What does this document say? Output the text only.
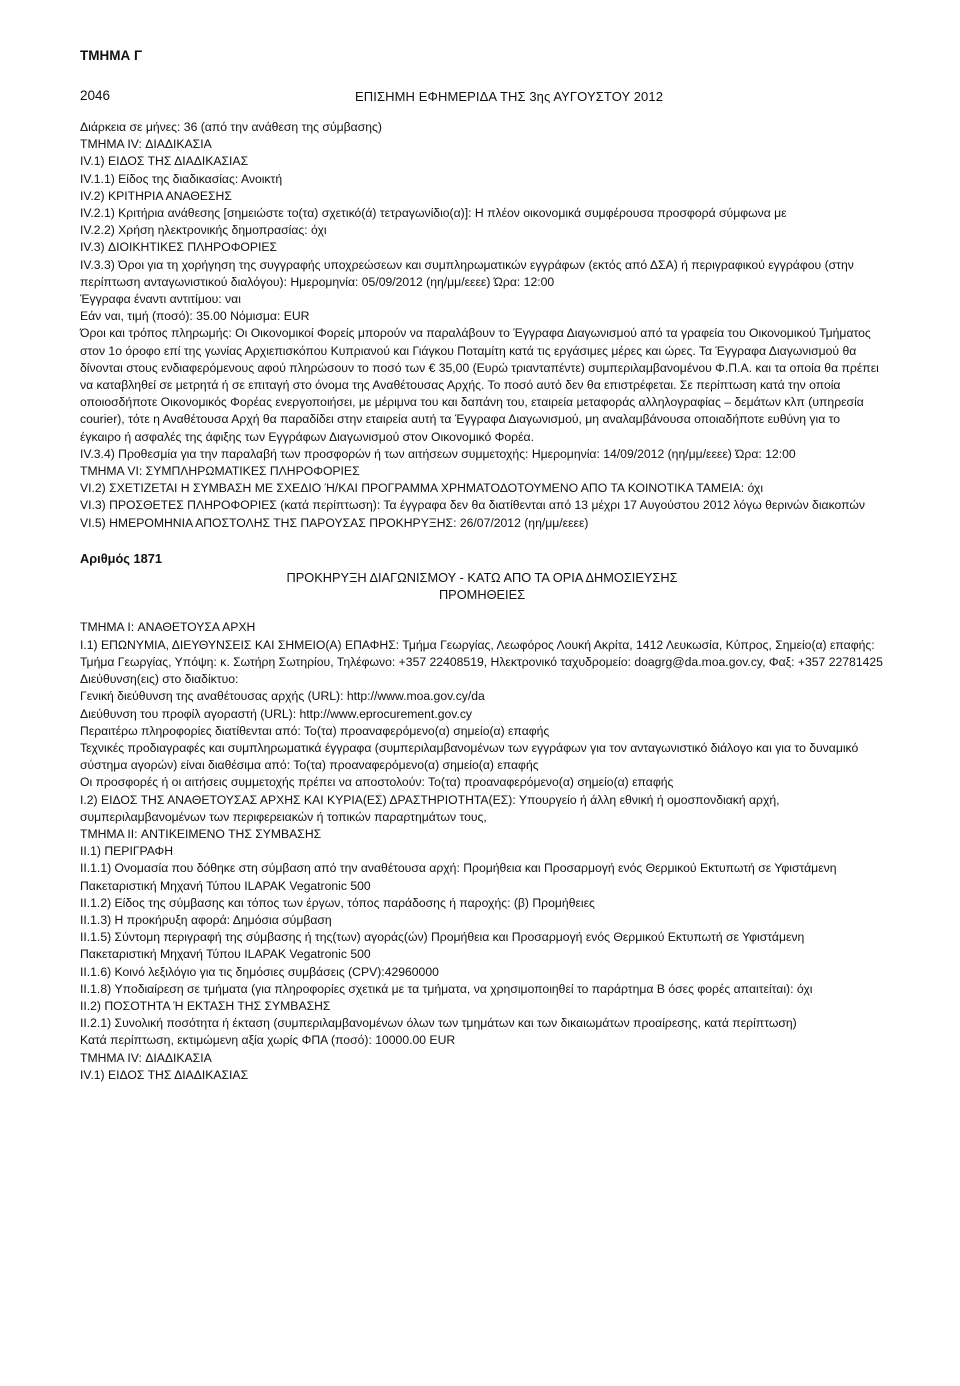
ΤΜΗΜΑ Γ
2046	ΕΠΙΣΗΜΗ ΕΦΗΜΕΡΙΔΑ ΤΗΣ 3ης ΑΥΓΟΥΣΤΟΥ 2012

Διάρκεια σε μήνες: 36 (από την ανάθεση της σύμβασης)

ΤΜΗΜΑ IV: ΔΙΑΔΙΚΑΣΙΑ

IV.1) ΕΙΔΟΣ ΤΗΣ ΔΙΑΔΙΚΑΣΙΑΣ

IV.1.1) Είδος της διαδικασίας: Ανοικτή

IV.2) ΚΡΙΤΗΡΙΑ ΑΝΑΘΕΣΗΣ

IV.2.1) Κριτήρια ανάθεσης [σημειώστε το(τα) σχετικό(ά) τετραγωνίδιο(α)]: Η πλέον οικονομικά συμφέρουσα προσφορά σύμφωνα με

IV.2.2) Χρήση ηλεκτρονικής δημοπρασίας: όχι

IV.3) ΔΙΟΙΚΗΤΙΚΕΣ ΠΛΗΡΟΦΟΡΙΕΣ

IV.3.3) Όροι για τη χορήγηση της συγγραφής υποχρεώσεων και συμπληρωματικών εγγράφων (εκτός από ΔΣΑ) ή περιγραφικού εγγράφου (στην περίπτωση ανταγωνιστικού διαλόγου): Ημερομηνία: 05/09/2012 (ηη/μμ/εεεε) Ώρα: 12:00

Έγγραφα έναντι αντιτίμου: ναι

Εάν ναι, τιμή (ποσό): 35.00 Νόμισμα: EUR

Όροι και τρόπος πληρωμής: Οι Οικονομικοί Φορείς μπορούν να παραλάβουν το Έγγραφα Διαγωνισμού από τα γραφεία του Οικονομικού Τμήματος στον 1ο όροφο επί της γωνίας Αρχιεπισκόπου Κυπριανού και Γιάγκου Ποταμίτη κατά τις εργάσιμες μέρες και ώρες. Τα Έγγραφα Διαγωνισμού θα δίνονται στους ενδιαφερόμενους αφού πληρώσουν το ποσό των € 35,00 (Ευρώ τριανταπέντε) συμπεριλαμβανομένου Φ.Π.Α. και τα οποία θα πρέπει να καταβληθεί σε μετρητά ή σε επιταγή στο όνομα της Αναθέτουσας Αρχής. Το ποσό αυτό δεν θα επιστρέφεται. Σε περίπτωση κατά την οποία οποιοσδήποτε Οικονομικός Φορέας ενεργοποιήσει, με μέριμνα του και δαπάνη του, εταιρεία μεταφοράς αλληλογραφίας – δεμάτων κλπ (υπηρεσία courier), τότε η Αναθέτουσα Αρχή θα παραδίδει στην εταιρεία αυτή τα Έγγραφα Διαγωνισμού, μη αναλαμβάνουσα οποιαδήποτε ευθύνη για το έγκαιρο ή ασφαλές της άφιξης των Εγγράφων Διαγωνισμού στον Οικονομικό Φορέα.

IV.3.4) Προθεσμία για την παραλαβή των προσφορών ή των αιτήσεων συμμετοχής: Ημερομηνία: 14/09/2012 (ηη/μμ/εεεε) Ώρα: 12:00

ΤΜΗΜΑ VI: ΣΥΜΠΛΗΡΩΜΑΤΙΚΕΣ ΠΛΗΡΟΦΟΡΙΕΣ

VI.2) ΣΧΕΤΙΖΕΤΑΙ Η ΣΥΜΒΑΣΗ ΜΕ ΣΧΕΔΙΟ Ή/ΚΑΙ ΠΡΟΓΡΑΜΜΑ ΧΡΗΜΑΤΟΔΟΤΟΥΜΕΝΟ ΑΠΟ ΤΑ ΚΟΙΝΟΤΙΚΑ ΤΑΜΕΙΑ: όχι

VI.3) ΠΡΟΣΘΕΤΕΣ ΠΛΗΡΟΦΟΡΙΕΣ (κατά περίπτωση): Τα έγγραφα δεν θα διατίθενται από 13 μέχρι 17 Αυγούστου 2012 λόγω θερινών διακοπών

VI.5) ΗΜΕΡΟΜΗΝΙΑ ΑΠΟΣΤΟΛΗΣ ΤΗΣ ΠΑΡΟΥΣΑΣ ΠΡΟΚΗΡΥΞΗΣ: 26/07/2012 (ηη/μμ/εεεε)

Αριθμός 1871

ΠΡΟΚΗΡΥΞΗ ΔΙΑΓΩΝΙΣΜΟΥ - ΚΑΤΩ ΑΠΟ ΤΑ ΟΡΙΑ ΔΗΜΟΣΙΕΥΣΗΣ

ΠΡΟΜΗΘΕΙΕΣ

ΤΜΗΜΑ I: ΑΝΑΘΕΤΟΥΣΑ ΑΡΧΗ

I.1) ΕΠΩΝΥΜΙΑ, ΔΙΕΥΘΥΝΣΕΙΣ ΚΑΙ ΣΗΜΕΙΟ(Α) ΕΠΑΦΗΣ: Τμήμα Γεωργίας, Λεωφόρος Λουκή Ακρίτα, 1412 Λευκωσία, Κύπρος, Σημείο(α) επαφής: Τμήμα Γεωργίας, Υπόψη: κ. Σωτήρη Σωτηρίου, Τηλέφωνο: +357 22408519, Ηλεκτρονικό ταχυδρομείο: doagrg@da.moa.gov.cy, Φαξ: +357 22781425

Διεύθυνση(εις) στο διαδίκτυο:

Γενική διεύθυνση της αναθέτουσας αρχής (URL): http://www.moa.gov.cy/da

Διεύθυνση του προφίλ αγοραστή (URL): http://www.eprocurement.gov.cy

Περαιτέρω πληροφορίες διατίθενται από: Το(τα) προαναφερόμενο(α) σημείο(α) επαφής

Τεχνικές προδιαγραφές και συμπληρωματικά έγγραφα (συμπεριλαμβανομένων των εγγράφων για τον ανταγωνιστικό διάλογο και για το δυναμικό σύστημα αγορών) είναι διαθέσιμα από: Το(τα) προαναφερόμενο(α) σημείο(α) επαφής

Οι προσφορές ή οι αιτήσεις συμμετοχής πρέπει να αποστολούν: Το(τα) προαναφερόμενο(α) σημείο(α) επαφής

I.2) ΕΙΔΟΣ ΤΗΣ ΑΝΑΘΕΤΟΥΣΑΣ ΑΡΧΗΣ ΚΑΙ ΚΥΡΙΑ(ΕΣ) ΔΡΑΣΤΗΡΙΟΤΗΤΑ(ΕΣ): Υπουργείο ή άλλη εθνική ή ομοσπονδιακή αρχή, συμπεριλαμβανομένων των περιφερειακών ή τοπικών παραρτημάτων τους,

ΤΜΗΜΑ II: ΑΝΤΙΚΕΙΜΕΝΟ ΤΗΣ ΣΥΜΒΑΣΗΣ

II.1) ΠΕΡΙΓΡΑΦΗ

II.1.1) Ονομασία που δόθηκε στη σύμβαση από την αναθέτουσα αρχή: Προμήθεια και Προσαρμογή ενός Θερμικού Εκτυπωτή σε Υφιστάμενη Πακεταριστική Μηχανή Τύπου ILAPAK Vegatronic 500

II.1.2) Είδος της σύμβασης και τόπος των έργων, τόπος παράδοσης ή παροχής: (β) Προμήθειες

II.1.3) Η προκήρυξη αφορά: Δημόσια σύμβαση

II.1.5) Σύντομη περιγραφή της σύμβασης ή της(των) αγοράς(ών) Προμήθεια και Προσαρμογή ενός Θερμικού Εκτυπωτή σε Υφιστάμενη Πακεταριστική Μηχανή Τύπου ILAPAK Vegatronic 500

II.1.6) Κοινό λεξιλόγιο για τις δημόσιες συμβάσεις (CPV):42960000

II.1.8) Υποδιαίρεση σε τμήματα (για πληροφορίες σχετικά με τα τμήματα, να χρησιμοποιηθεί το παράρτημα B όσες φορές απαιτείται): όχι

II.2) ΠΟΣΟΤΗΤΑ Ή ΕΚΤΑΣΗ ΤΗΣ ΣΥΜΒΑΣΗΣ

II.2.1) Συνολική ποσότητα ή έκταση (συμπεριλαμβανομένων όλων των τμημάτων και των δικαιωμάτων προαίρεσης, κατά περίπτωση)

Κατά περίπτωση, εκτιμώμενη αξία χωρίς ΦΠΑ (ποσό): 10000.00 EUR

ΤΜΗΜΑ IV: ΔΙΑΔΙΚΑΣΙΑ

IV.1) ΕΙΔΟΣ ΤΗΣ ΔΙΑΔΙΚΑΣΙΑΣ
